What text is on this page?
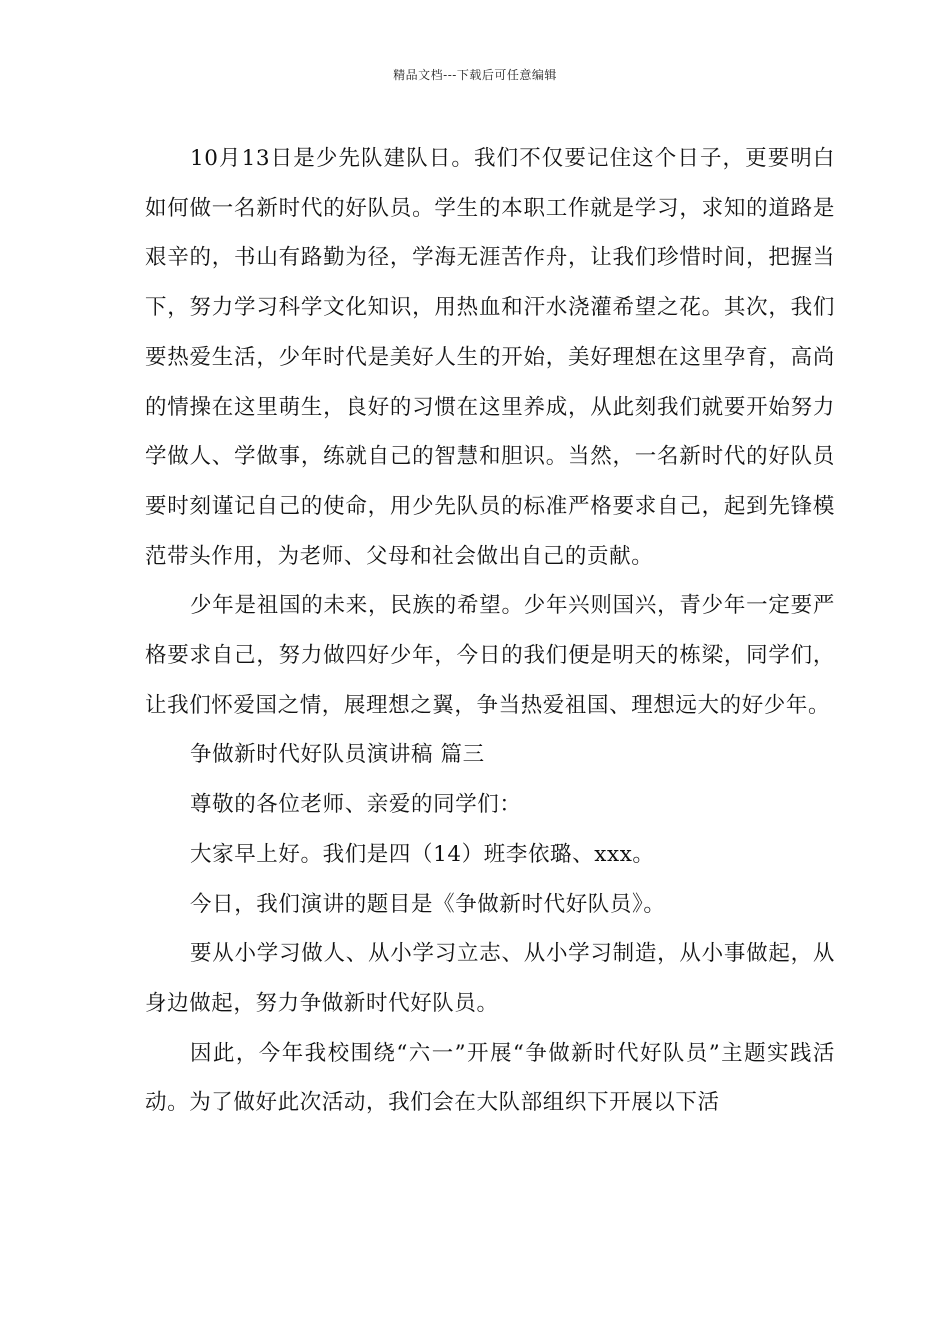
精品文档---下载后可任意编辑

10月13日是少先队建队日。我们不仅要记住这个日子，更要明白如何做一名新时代的好队员。学生的本职工作就是学习，求知的道路是艰辛的，书山有路勤为径，学海无涯苦作舟，让我们珍惜时间，把握当下，努力学习科学文化知识，用热血和汗水浇灌希望之花。其次，我们要热爱生活，少年时代是美好人生的开始，美好理想在这里孕育，高尚的情操在这里萌生，良好的习惯在这里养成，从此刻我们就要开始努力学做人、学做事，练就自己的智慧和胆识。当然，一名新时代的好队员要时刻谨记自己的使命，用少先队员的标准严格要求自己，起到先锋模范带头作用，为老师、父母和社会做出自己的贡献。

少年是祖国的未来，民族的希望。少年兴则国兴，青少年一定要严格要求自己，努力做四好少年，今日的我们便是明天的栋梁，同学们，让我们怀爱国之情，展理想之翼，争当热爱祖国、理想远大的好少年。

争做新时代好队员演讲稿 篇三

尊敬的各位老师、亲爱的同学们：

大家早上好。我们是四（14）班李依璐、xxx。

今日，我们演讲的题目是《争做新时代好队员》。

要从小学习做人、从小学习立志、从小学习制造，从小事做起，从身边做起，努力争做新时代好队员。

因此，今年我校围绕“六一”开展“争做新时代好队员”主题实践活动。为了做好此次活动，我们会在大队部组织下开展以下活
